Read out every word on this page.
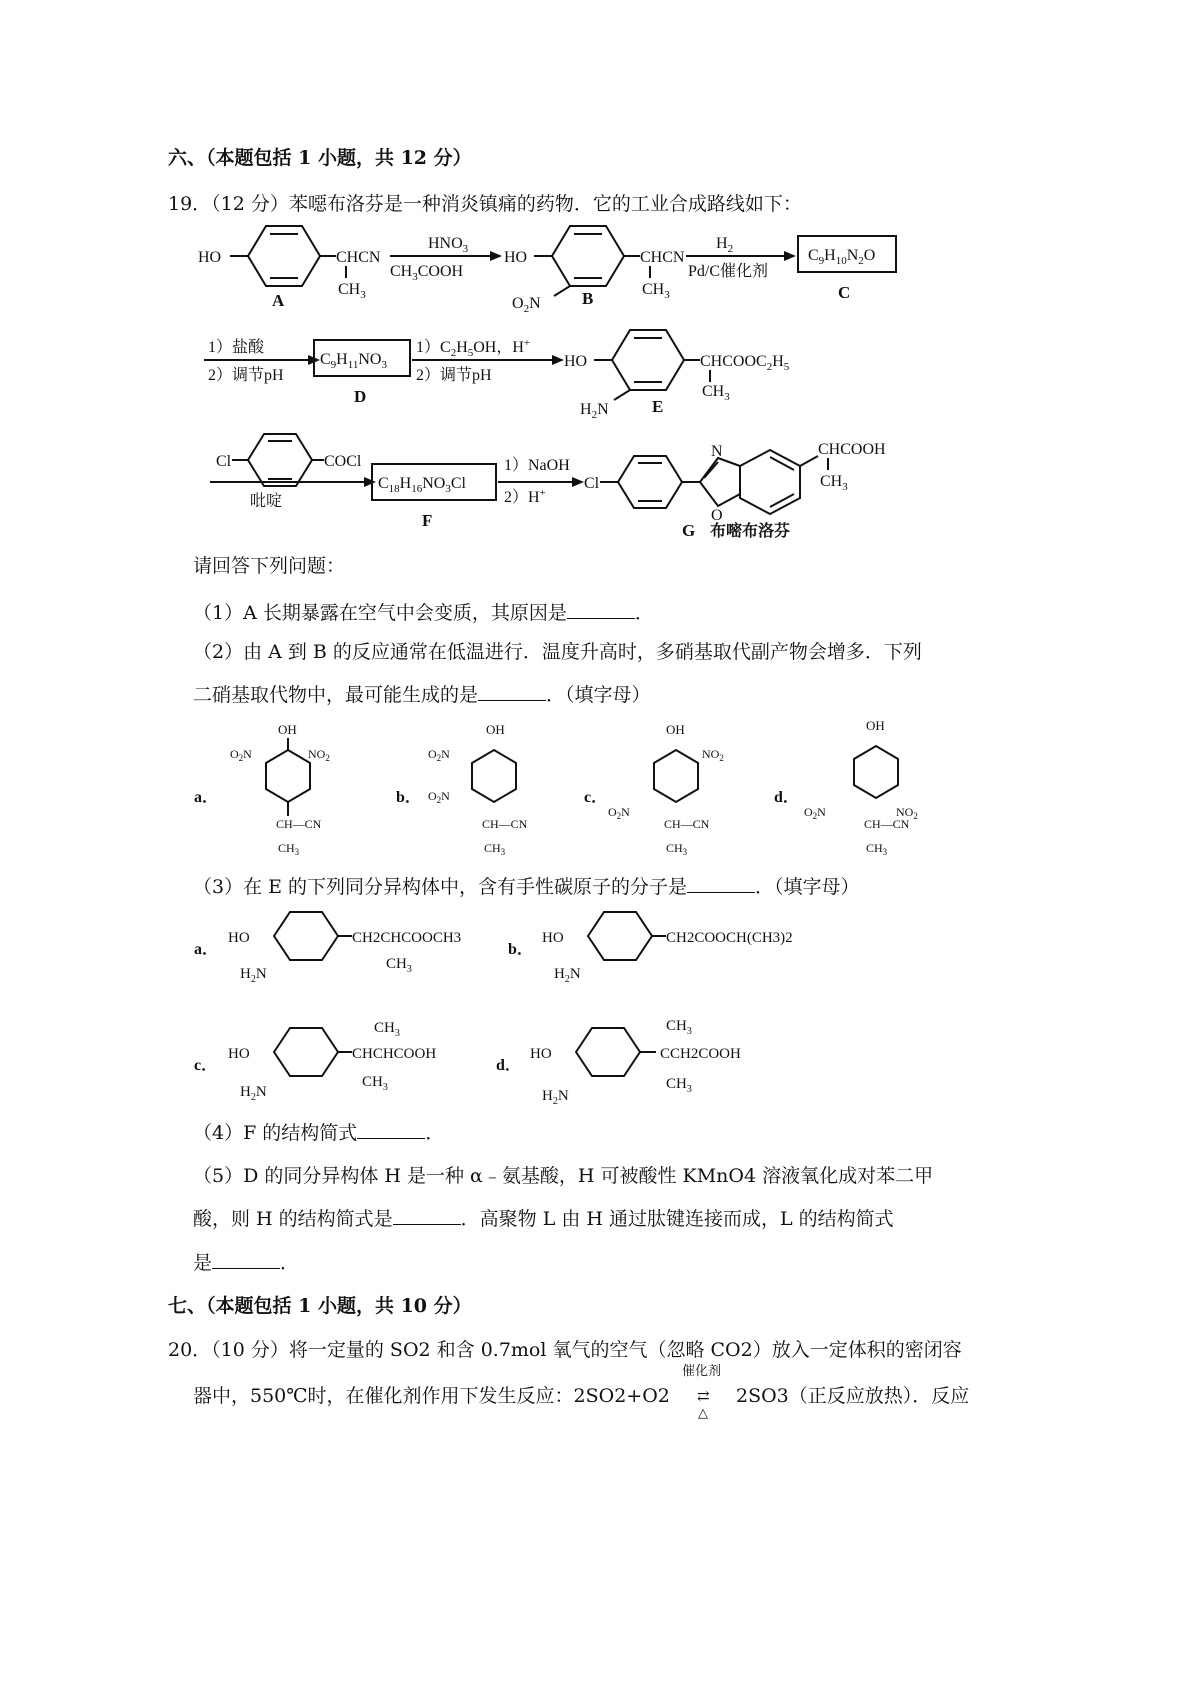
六、（本题包括 1 小题，共 12 分）
19．（12 分）苯噁布洛芬是一种消炎镇痛的药物．它的工业合成路线如下：
HO	CHCN
$CH_3$
A
$HNO_3$
$CH_3COOH$
HO	CHCN
$CH_3$
$O_2N$ B
$H_2$
Pd/C催化剂
$C_9H_{10}N_2O$
C
1）盐酸
2）调节pH
$C_9H_{11}NO_3$
D
$1)C_2H_5OH$，H+
2）调节pH
HO	$CHCOOC_2H_5$
$CH_3$
$H_2N$	E
Cl	COCl
吡啶
$C_{18}H_{16}NO_3Cl$
F
1）NaOH
2）H+
Cl
N
O
CHCOOH
$CH_3$
G 布嘧布洛芬
请回答下列问题：
（1）A 长期暴露在空气中会变质，其原因是	．
（2）由 A 到 B 的反应通常在低温进行．温度升高时，多硝基取代副产物会增多．下列
二硝基取代物中，最可能生成的是	．（填字母）
a．
OH
$O_2N$	$NO_2$
CH—CN
$CH_3$
b．
OH
$O_2N$
$O_2N$
CH—CN
$CH_3$
c．
OH
$NO_2$
$O_2N$
CH—CN
$CH_3$
d．
OH
$O_2N$	$NO_2$
CH—CN
$CH_3$
（3）在 E 的下列同分异构体中，含有手性碳原子的分子是	．（填字母）
a．
HO	CH2CHCOOCH3
$CH_3$
$H_2N$
b．
HO	CH2COOCH(CH3)2
$H_2N$
c．
HO
$CH_3$
CHCHCOOH
$CH_3$
$H_2N$
d．
HO
$CH_3$
CCH2COOH
$CH_3$
$H_2N$
（4）F 的结构简式	．
（5）D 的同分异构体 H 是一种 α﹣氨基酸，H 可被酸性 KMnO4 溶液氧化成对苯二甲
酸，则 H 的结构简式是	．高聚物 L 由 H 通过肽键连接而成，L 的结构简式
是	．
七、（本题包括 1 小题，共 10 分）
20．（10 分）将一定量的 SO2 和含 0.7mol 氧气的空气（忽略 CO2）放入一定体积的密闭容
器中，550℃时，在催化剂作用下发生反应：2SO2+O2
催化剂
⇄
△
2SO3（正反应放热）．反应
